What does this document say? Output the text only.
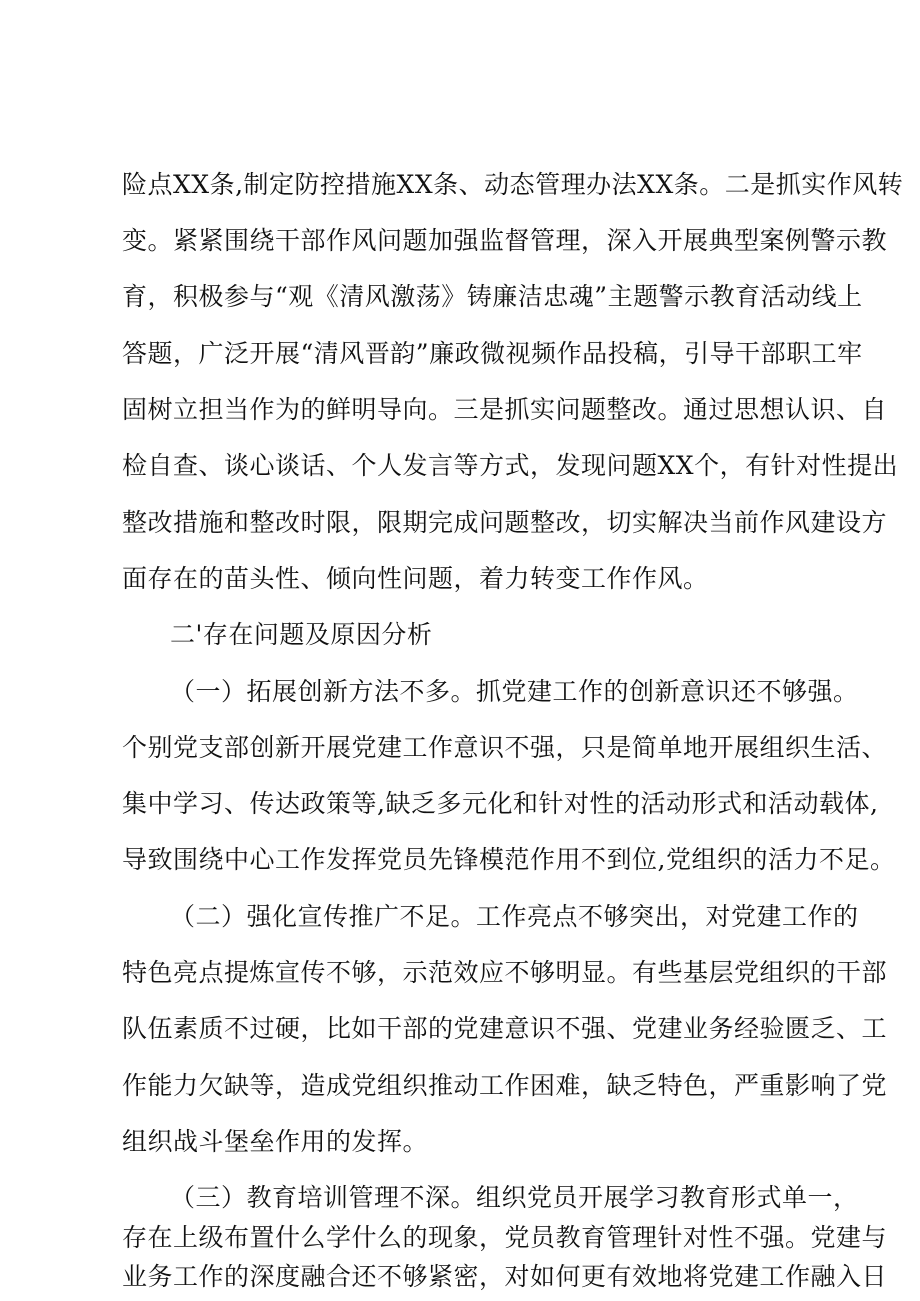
险点XX条,制定防控措施XX条、动态管理办法XX条。二是抓实作风转
变。紧紧围绕干部作风问题加强监督管理，深入开展典型案例警示教
育，积极参与“观《清风激荡》铸廉洁忠魂”主题警示教育活动线上
答题，广泛开展“清风晋韵”廉政微视频作品投稿，引导干部职工牢
固树立担当作为的鲜明导向。三是抓实问题整改。通过思想认识、自
检自查、谈心谈话、个人发言等方式，发现问题XX个，有针对性提出
整改措施和整改时限，限期完成问题整改，切实解决当前作风建设方
面存在的苗头性、倾向性问题，着力转变工作作风。
二'存在问题及原因分析
（一）拓展创新方法不多。抓党建工作的创新意识还不够强。
个别党支部创新开展党建工作意识不强，只是简单地开展组织生活、
集中学习、传达政策等,缺乏多元化和针对性的活动形式和活动载体,
导致围绕中心工作发挥党员先锋模范作用不到位,党组织的活力不足。
（二）强化宣传推广不足。工作亮点不够突出，对党建工作的
特色亮点提炼宣传不够，示范效应不够明显。有些基层党组织的干部
队伍素质不过硬，比如干部的党建意识不强、党建业务经验匮乏、工
作能力欠缺等，造成党组织推动工作困难，缺乏特色，严重影响了党
组织战斗堡垒作用的发挥。
（三）教育培训管理不深。组织党员开展学习教育形式单一，
存在上级布置什么学什么的现象，党员教育管理针对性不强。党建与
业务工作的深度融合还不够紧密，对如何更有效地将党建工作融入日
